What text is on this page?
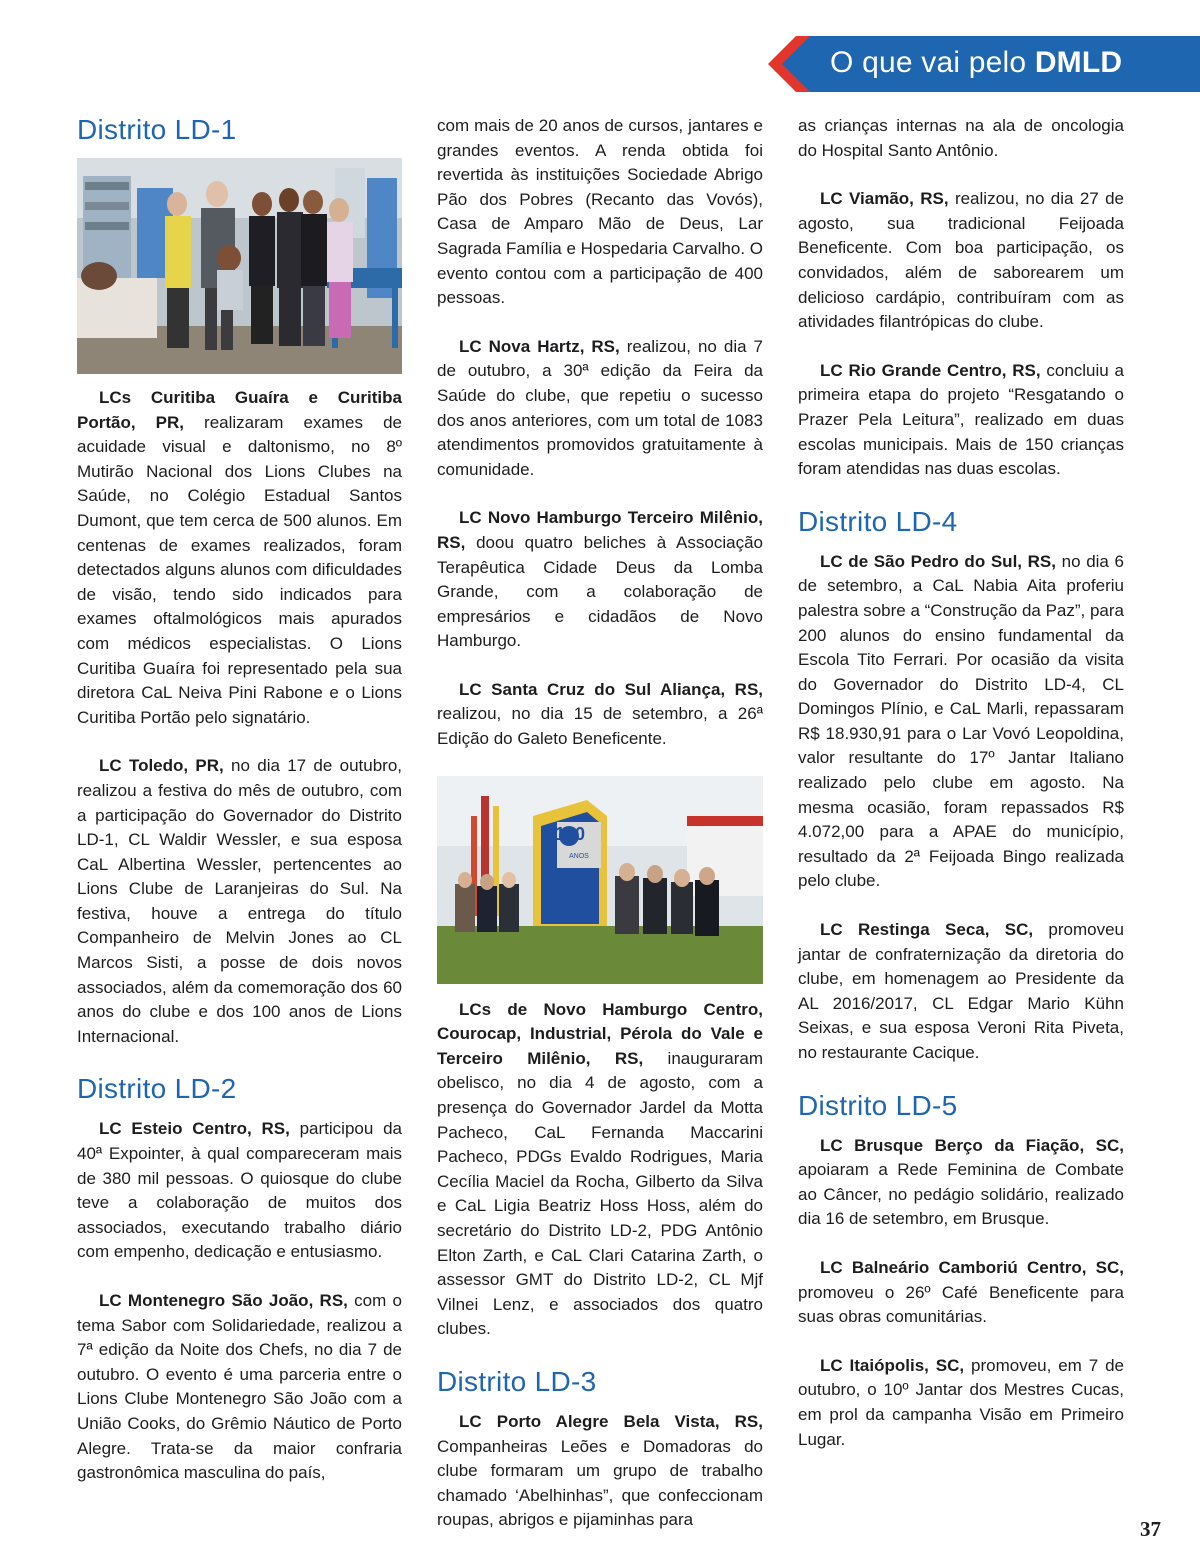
O que vai pelo DMLD
Distrito LD-1

LCs Curitiba Guaíra e Curitiba Portão, PR, realizaram exames de acuidade visual e daltonismo, no 8º Mutirão Nacional dos Lions Clubes na Saúde, no Colégio Estadual Santos Dumont, que tem cerca de 500 alunos. Em centenas de exames realizados, foram detectados alguns alunos com dificuldades de visão, tendo sido indicados para exames oftalmológicos mais apurados com médicos especialistas. O Lions Curitiba Guaíra foi representado pela sua diretora CaL Neiva Pini Rabone e o Lions Curitiba Portão pelo signatário.

LC Toledo, PR, no dia 17 de outubro, realizou a festiva do mês de outubro, com a participação do Governador do Distrito LD-1, CL Waldir Wessler, e sua esposa CaL Albertina Wessler, pertencentes ao Lions Clube de Laranjeiras do Sul. Na festiva, houve a entrega do título Companheiro de Melvin Jones ao CL Marcos Sisti, a posse de dois novos associados, além da comemoração dos 60 anos do clube e dos 100 anos de Lions Internacional.

Distrito LD-2

LC Esteio Centro, RS, participou da 40ª Expointer, à qual compareceram mais de 380 mil pessoas. O quiosque do clube teve a colaboração de muitos dos associados, executando trabalho diário com empenho, dedicação e entusiasmo.

LC Montenegro São João, RS, com o tema Sabor com Solidariedade, realizou a 7ª edição da Noite dos Chefs, no dia 7 de outubro. O evento é uma parceria entre o Lions Clube Montenegro São João com a União Cooks, do Grêmio Náutico de Porto Alegre. Trata-se da maior confraria gastronômica masculina do país,

com mais de 20 anos de cursos, jantares e grandes eventos. A renda obtida foi revertida às instituições Sociedade Abrigo Pão dos Pobres (Recanto das Vovós), Casa de Amparo Mão de Deus, Lar Sagrada Família e Hospedaria Carvalho. O evento contou com a participação de 400 pessoas.

LC Nova Hartz, RS, realizou, no dia 7 de outubro, a 30ª edição da Feira da Saúde do clube, que repetiu o sucesso dos anos anteriores, com um total de 1083 atendimentos promovidos gratuitamente à comunidade.

LC Novo Hamburgo Terceiro Milênio, RS, doou quatro beliches à Associação Terapêutica Cidade Deus da Lomba Grande, com a colaboração de empresários e cidadãos de Novo Hamburgo.

LC Santa Cruz do Sul Aliança, RS, realizou, no dia 15 de setembro, a 26ª Edição do Galeto Beneficente.

100
ANOS

LCs de Novo Hamburgo Centro, Courocap, Industrial, Pérola do Vale e Terceiro Milênio, RS, inauguraram obelisco, no dia 4 de agosto, com a presença do Governador Jardel da Motta Pacheco, CaL Fernanda Maccarini Pacheco, PDGs Evaldo Rodrigues, Maria Cecília Maciel da Rocha, Gilberto da Silva e CaL Ligia Beatriz Hoss Hoss, além do secretário do Distrito LD-2, PDG Antônio Elton Zarth, e CaL Clari Catarina Zarth, o assessor GMT do Distrito LD-2, CL Mjf Vilnei Lenz, e associados dos quatro clubes.

Distrito LD-3

LC Porto Alegre Bela Vista, RS, Companheiras Leões e Domadoras do clube formaram um grupo de trabalho chamado ‘Abelhinhas”, que confeccionam roupas, abrigos e pijaminhas para

as crianças internas na ala de oncologia do Hospital Santo Antônio.

LC Viamão, RS, realizou, no dia 27 de agosto, sua tradicional Feijoada Beneficente. Com boa participação, os convidados, além de saborearem um delicioso cardápio, contribuíram com as atividades filantrópicas do clube.

LC Rio Grande Centro, RS, concluiu a primeira etapa do projeto “Resgatando o Prazer Pela Leitura”, realizado em duas escolas municipais. Mais de 150 crianças foram atendidas nas duas escolas.

Distrito LD-4

LC de São Pedro do Sul, RS, no dia 6 de setembro, a CaL Nabia Aita proferiu palestra sobre a “Construção da Paz”, para 200 alunos do ensino fundamental da Escola Tito Ferrari. Por ocasião da visita do Governador do Distrito LD-4, CL Domingos Plínio, e CaL Marli, repassaram R$ 18.930,91 para o Lar Vovó Leopoldina, valor resultante do 17º Jantar Italiano realizado pelo clube em agosto. Na mesma ocasião, foram repassados R$ 4.072,00 para a APAE do município, resultado da 2ª Feijoada Bingo realizada pelo clube.

LC Restinga Seca, SC, promoveu jantar de confraternização da diretoria do clube, em homenagem ao Presidente da AL 2016/2017, CL Edgar Mario Kühn Seixas, e sua esposa Veroni Rita Piveta, no restaurante Cacique.

Distrito LD-5

LC Brusque Berço da Fiação, SC, apoiaram a Rede Feminina de Combate ao Câncer, no pedágio solidário, realizado dia 16 de setembro, em Brusque.

LC Balneário Camboriú Centro, SC, promoveu o 26º Café Beneficente para suas obras comunitárias.

LC Itaiópolis, SC, promoveu, em 7 de outubro, o 10º Jantar dos Mestres Cucas, em prol da campanha Visão em Primeiro Lugar.

37
